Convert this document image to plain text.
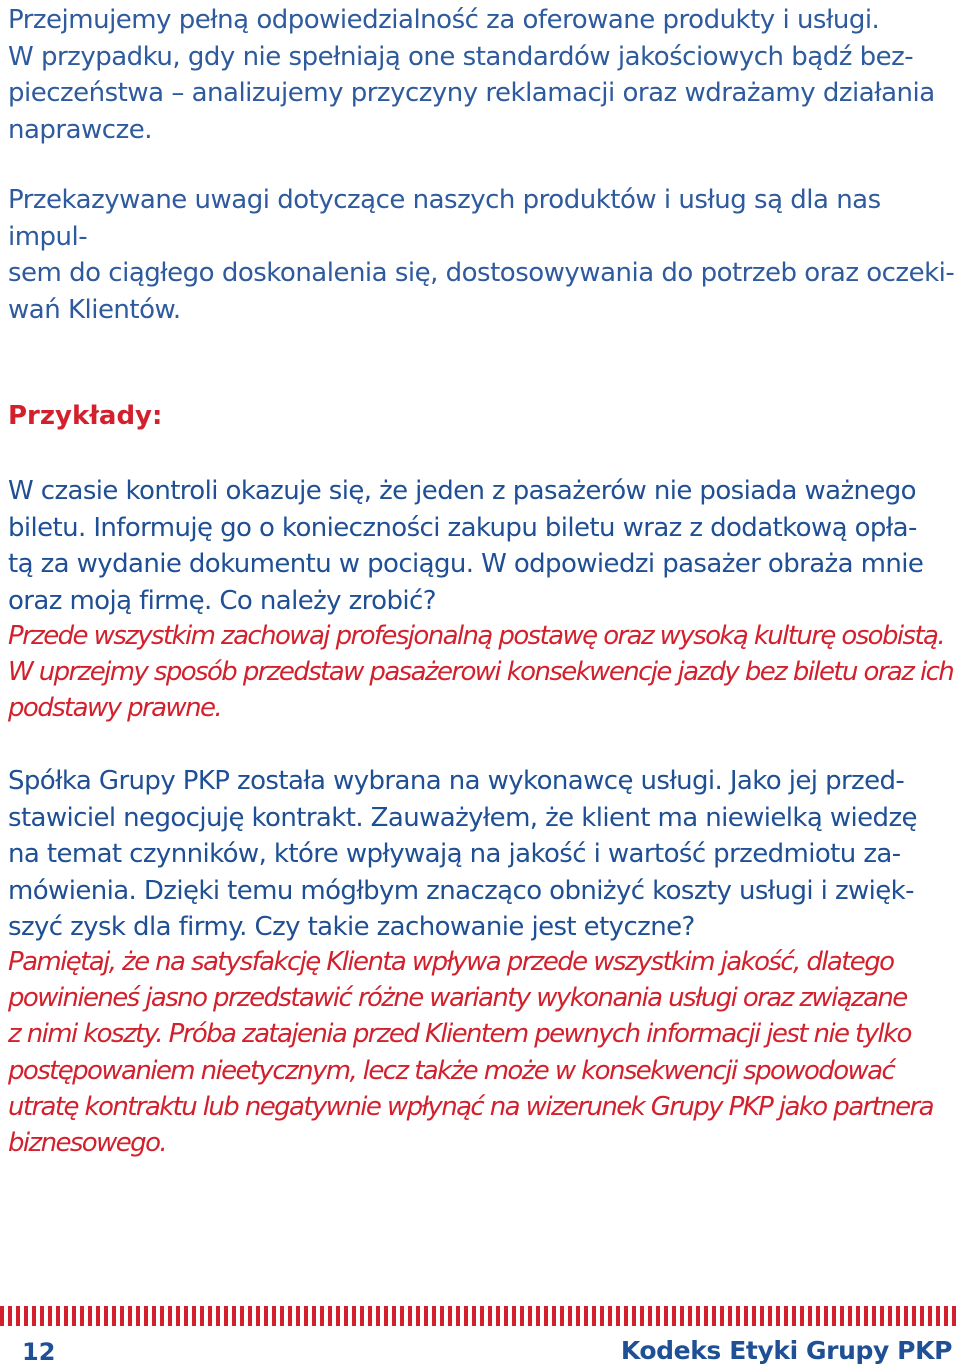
Przejmujemy pełną odpowiedzialność za oferowane produkty i usługi.
W przypadku, gdy nie spełniają one standardów jakościowych bądź bez-
pieczeństwa – analizujemy przyczyny reklamacji oraz wdrażamy działania
naprawcze.

Przekazywane uwagi dotyczące naszych produktów i usług są dla nas impul-
sem do ciągłego doskonalenia się, dostosowywania do potrzeb oraz oczeki-
wań Klientów.

Przykłady:

W czasie kontroli okazuje się, że jeden z pasażerów nie posiada ważnego
biletu. Informuję go o konieczności zakupu biletu wraz z dodatkową opła-
tą za wydanie dokumentu w pociągu. W odpowiedzi pasażer obraża mnie
oraz moją firmę. Co należy zrobić?

Przede wszystkim zachowaj profesjonalną postawę oraz wysoką kulturę osobistą.
W uprzejmy sposób przedstaw pasażerowi konsekwencje jazdy bez biletu oraz ich
podstawy prawne.

Spółka Grupy PKP została wybrana na wykonawcę usługi. Jako jej przed-
stawiciel negocjuję kontrakt. Zauważyłem, że klient ma niewielką wiedzę
na temat czynników, które wpływają na jakość i wartość przedmiotu za-
mówienia. Dzięki temu mógłbym znacząco obniżyć koszty usługi i zwięk-
szyć zysk dla firmy. Czy takie zachowanie jest etyczne?

Pamiętaj, że na satysfakcję Klienta wpływa przede wszystkim jakość, dlatego
powinieneś jasno przedstawić różne warianty wykonania usługi oraz związane
z nimi koszty. Próba zatajenia przed Klientem pewnych informacji jest nie tylko
postępowaniem nieetycznym, lecz także może w konsekwencji spowodować
utratę kontraktu lub negatywnie wpłynąć na wizerunek Grupy PKP jako partnera
biznesowego.

12	Kodeks Etyki Grupy PKP
